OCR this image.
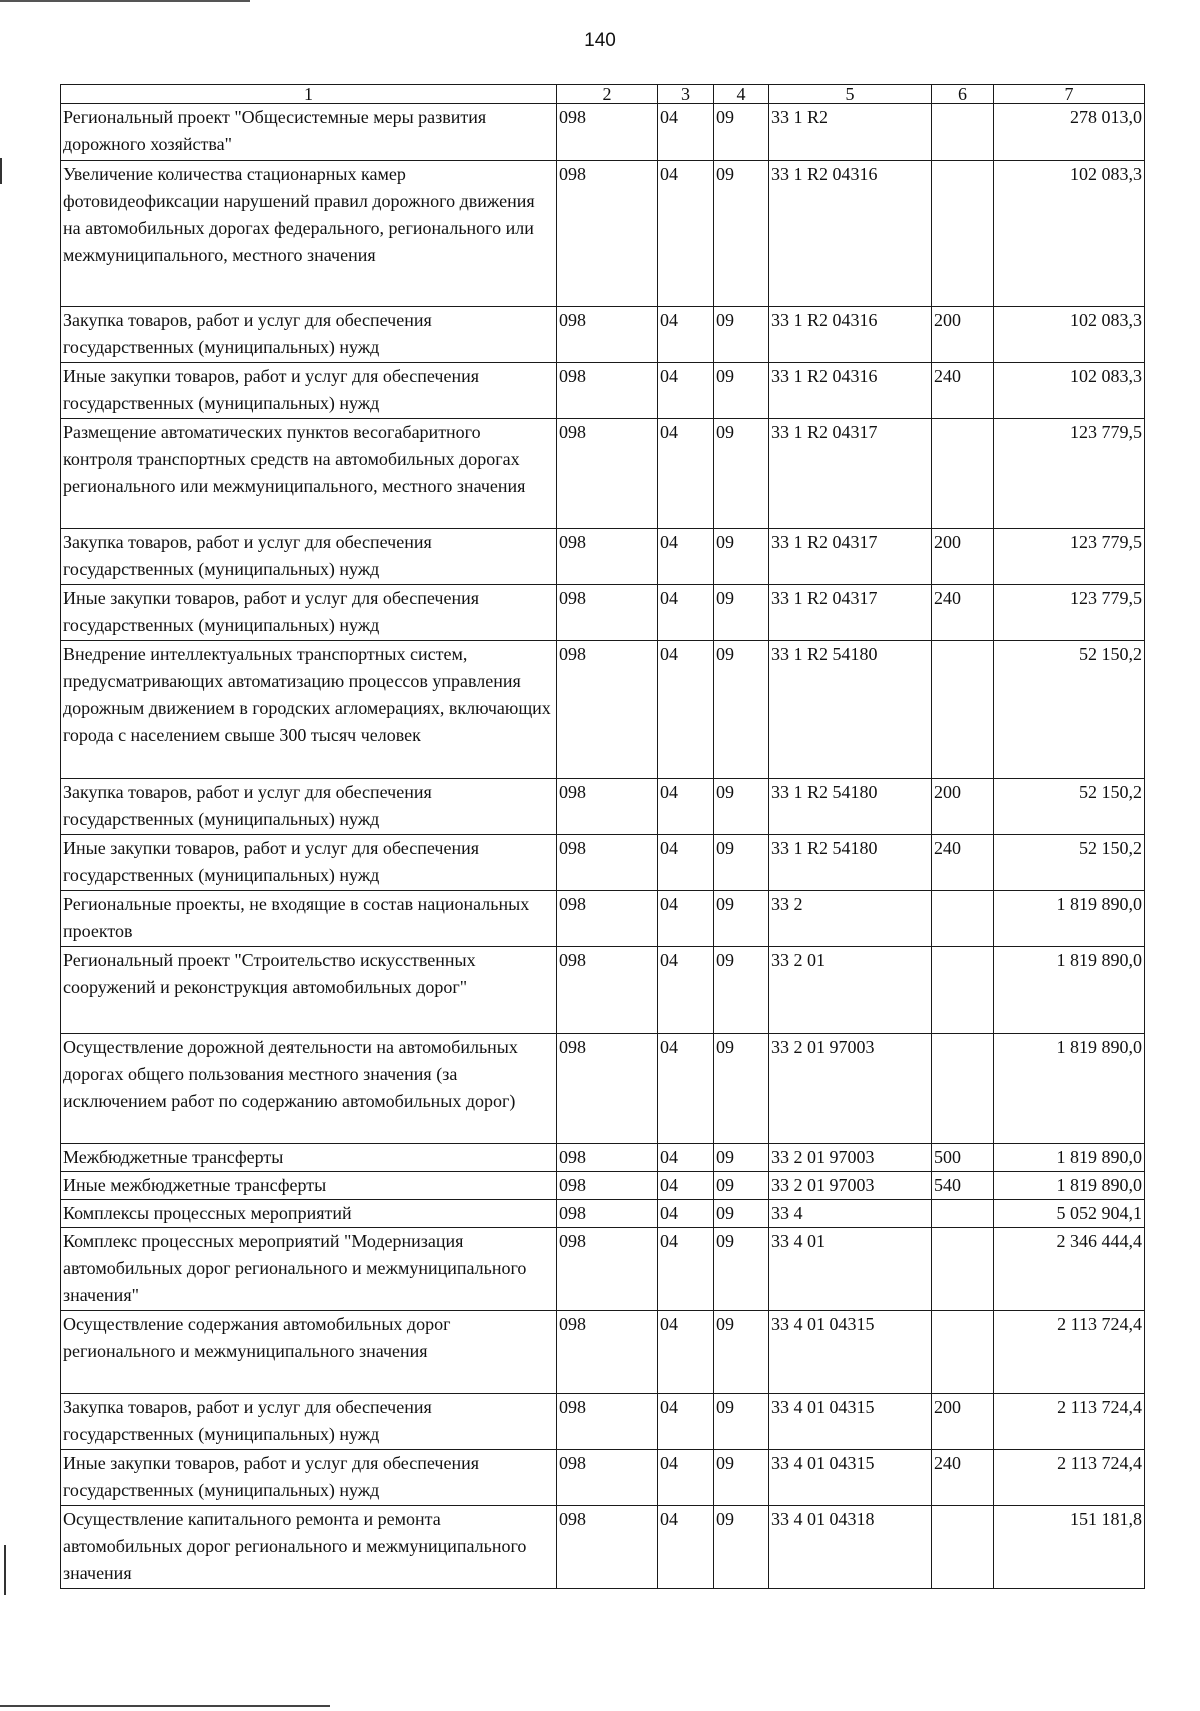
140
1	2	3	4	5	6	7
Региональный проект "Общесистемные меры развития дорожного хозяйства"	098	04	09	33 1 R2		278 013,0
Увеличение количества стационарных камер фотовидеофиксации нарушений правил дорожного движения на автомобильных дорогах федерального, регионального или межмуниципального, местного значения	098	04	09	33 1 R2 04316		102 083,3
Закупка товаров, работ и услуг для обеспечения государственных (муниципальных) нужд	098	04	09	33 1 R2 04316	200	102 083,3
Иные закупки товаров, работ и услуг для обеспечения государственных (муниципальных) нужд	098	04	09	33 1 R2 04316	240	102 083,3
Размещение автоматических пунктов весогабаритного контроля транспортных средств на автомобильных дорогах регионального или межмуниципального, местного значения	098	04	09	33 1 R2 04317		123 779,5
Закупка товаров, работ и услуг для обеспечения государственных (муниципальных) нужд	098	04	09	33 1 R2 04317	200	123 779,5
Иные закупки товаров, работ и услуг для обеспечения государственных (муниципальных) нужд	098	04	09	33 1 R2 04317	240	123 779,5
Внедрение интеллектуальных транспортных систем, предусматривающих автоматизацию процессов управления дорожным движением в городских агломерациях, включающих города с населением свыше 300 тысяч человек	098	04	09	33 1 R2 54180		52 150,2
Закупка товаров, работ и услуг для обеспечения государственных (муниципальных) нужд	098	04	09	33 1 R2 54180	200	52 150,2
Иные закупки товаров, работ и услуг для обеспечения государственных (муниципальных) нужд	098	04	09	33 1 R2 54180	240	52 150,2
Региональные проекты, не входящие в состав национальных проектов	098	04	09	33 2		1 819 890,0
Региональный проект "Строительство искусственных сооружений и реконструкция автомобильных дорог"	098	04	09	33 2 01		1 819 890,0
Осуществление дорожной деятельности на автомобильных дорогах общего пользования местного значения (за исключением работ по содержанию автомобильных дорог)	098	04	09	33 2 01 97003		1 819 890,0
Межбюджетные трансферты	098	04	09	33 2 01 97003	500	1 819 890,0
Иные межбюджетные трансферты	098	04	09	33 2 01 97003	540	1 819 890,0
Комплексы процессных мероприятий	098	04	09	33 4		5 052 904,1
Комплекс процессных мероприятий "Модернизация автомобильных дорог регионального и межмуниципального значения"	098	04	09	33 4 01		2 346 444,4
Осуществление содержания автомобильных дорог регионального и межмуниципального значения	098	04	09	33 4 01 04315		2 113 724,4
Закупка товаров, работ и услуг для обеспечения государственных (муниципальных) нужд	098	04	09	33 4 01 04315	200	2 113 724,4
Иные закупки товаров, работ и услуг для обеспечения государственных (муниципальных) нужд	098	04	09	33 4 01 04315	240	2 113 724,4
Осуществление капитального ремонта и ремонта автомобильных дорог регионального и межмуниципального значения	098	04	09	33 4 01 04318		151 181,8
